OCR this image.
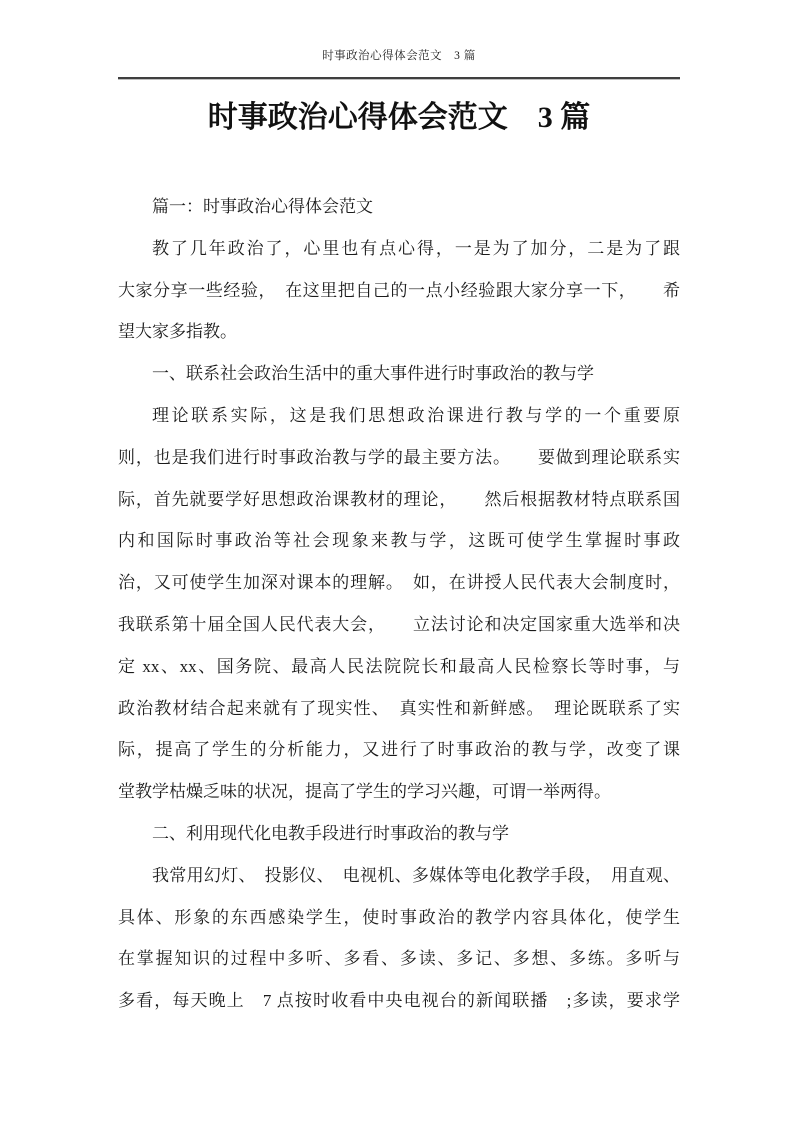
时事政治心得体会范文　3 篇
时事政治心得体会范文　3 篇
篇一：时事政治心得体会范文
教了几年政治了，心里也有点心得，一是为了加分，二是为了跟
大家分享一些经验，　在这里把自己的一点小经验跟大家分享一下，　　希
望大家多指教。
一、联系社会政治生活中的重大事件进行时事政治的教与学
理论联系实际，这是我们思想政治课进行教与学的一个重要原
则，也是我们进行时事政治教与学的最主要方法。　　要做到理论联系实
际，首先就要学好思想政治课教材的理论，　　然后根据教材特点联系国
内和国际时事政治等社会现象来教与学，这既可使学生掌握时事政
治，又可使学生加深对课本的理解。　如，在讲授人民代表大会制度时，
我联系第十届全国人民代表大会，　　立法讨论和决定国家重大选举和决
定 xx、xx、国务院、最高人民法院院长和最高人民检察长等时事，与
政治教材结合起来就有了现实性、　真实性和新鲜感。　理论既联系了实
际，提高了学生的分析能力，又进行了时事政治的教与学，改变了课
堂教学枯燥乏味的状况，提高了学生的学习兴趣，可谓一举两得。
二、利用现代化电教手段进行时事政治的教与学
我常用幻灯、　投影仪、　电视机、多媒体等电化教学手段，　用直观、
具体、形象的东西感染学生，使时事政治的教学内容具体化，使学生
在掌握知识的过程中多听、多看、多读、多记、多想、多练。多听与
多看，每天晚上　7 点按时收看中央电视台的新闻联播　;多读，要求学
